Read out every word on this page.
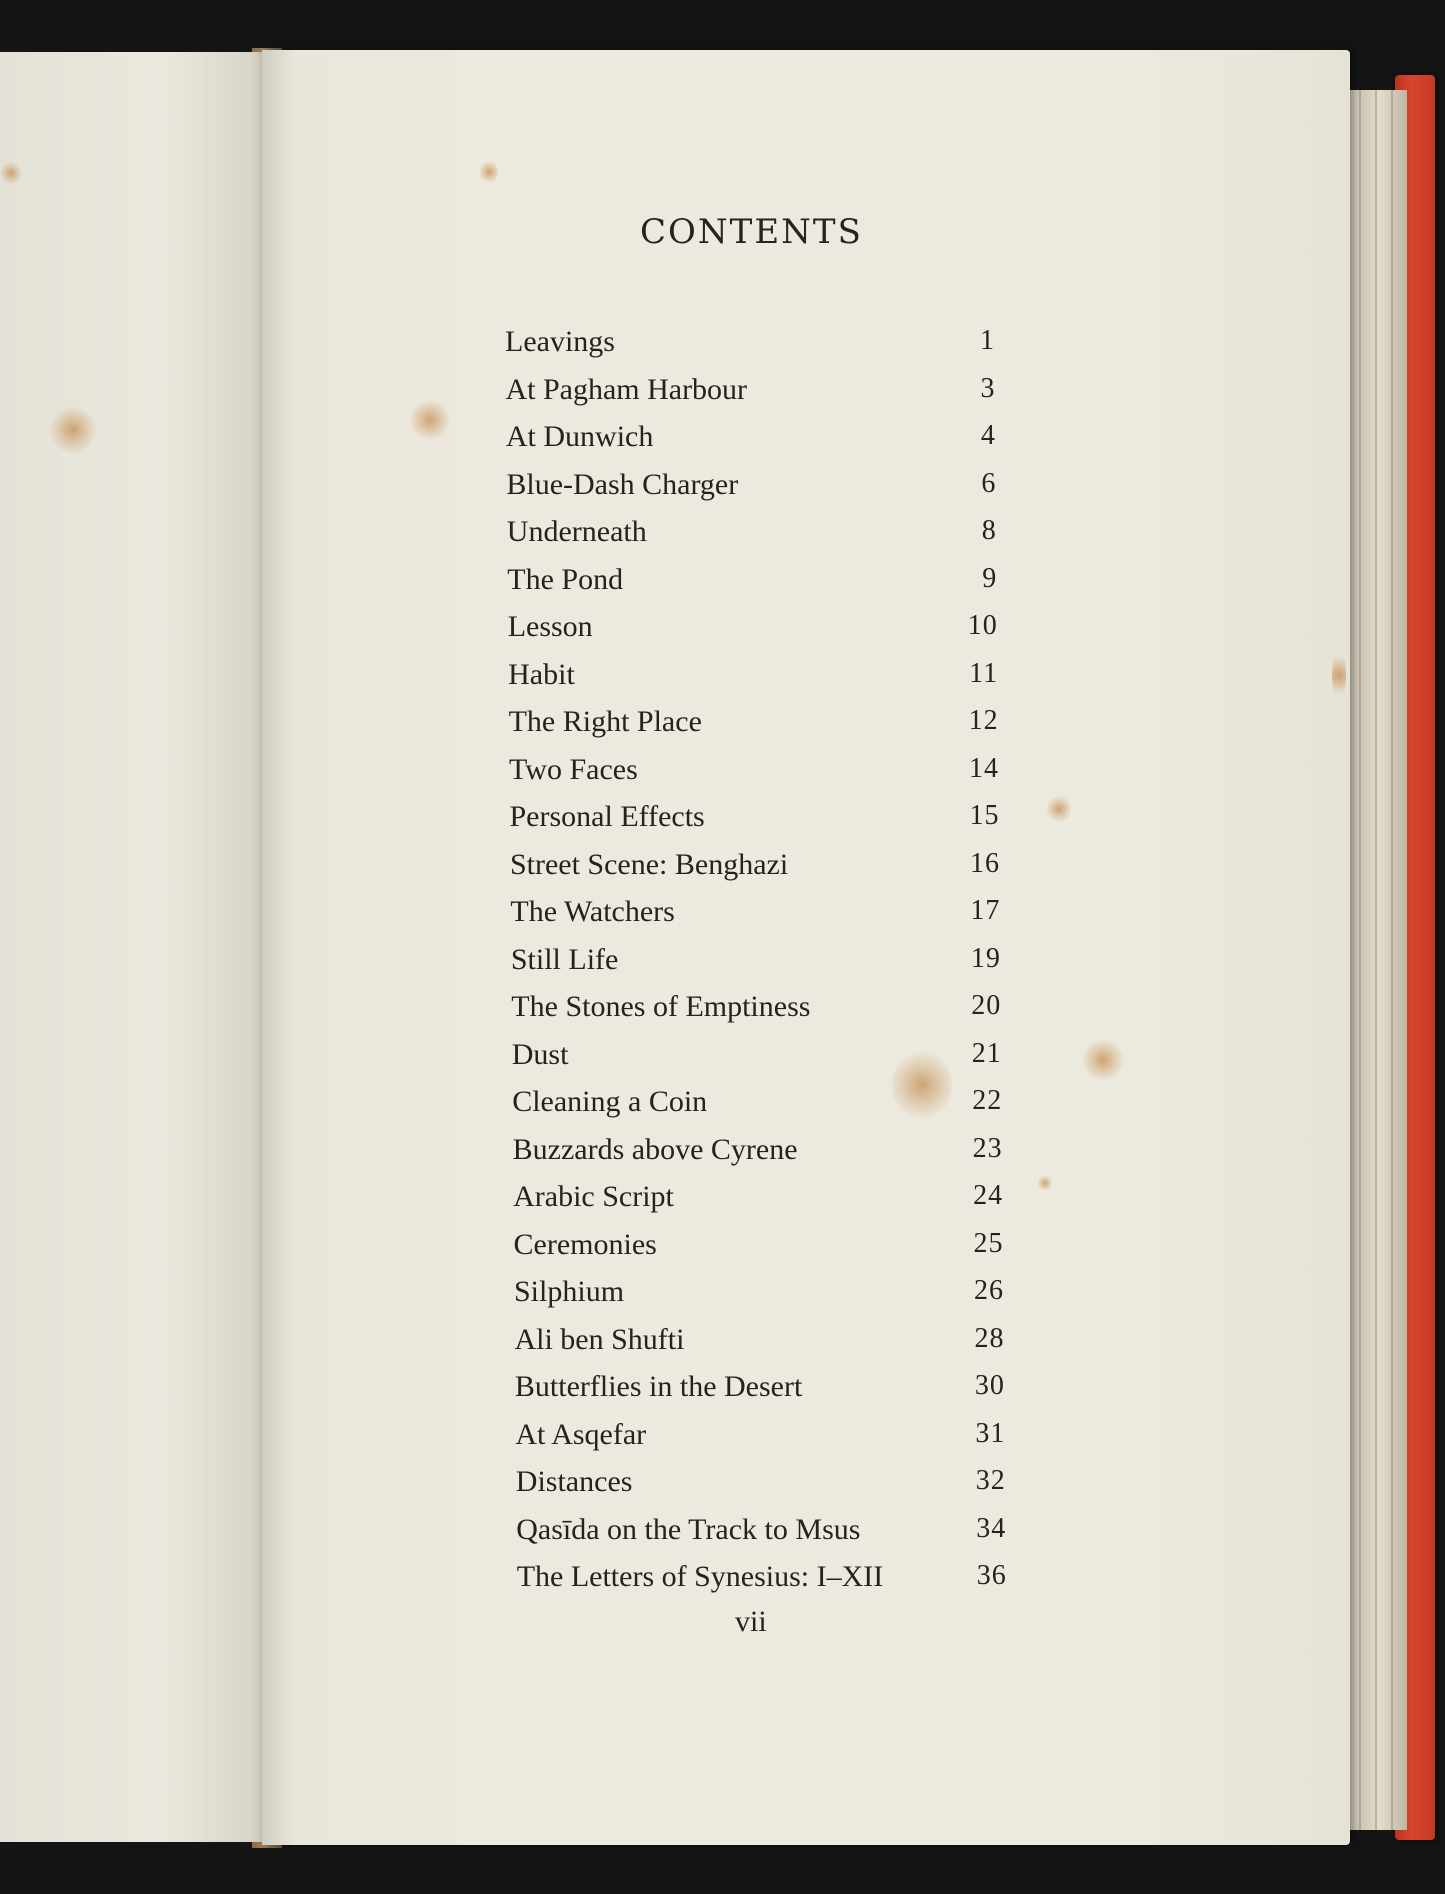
CONTENTS
Leavings	1
At Pagham Harbour	3
At Dunwich	4
Blue-Dash Charger	6
Underneath	8
The Pond	9
Lesson	10
Habit	11
The Right Place	12
Two Faces	14
Personal Effects	15
Street Scene: Benghazi	16
The Watchers	17
Still Life	19
The Stones of Emptiness	20
Dust	21
Cleaning a Coin	22
Buzzards above Cyrene	23
Arabic Script	24
Ceremonies	25
Silphium	26
Ali ben Shufti	28
Butterflies in the Desert	30
At Asqefar	31
Distances	32
Qasīda on the Track to Msus	34
The Letters of Synesius: I–XII	36
vii
